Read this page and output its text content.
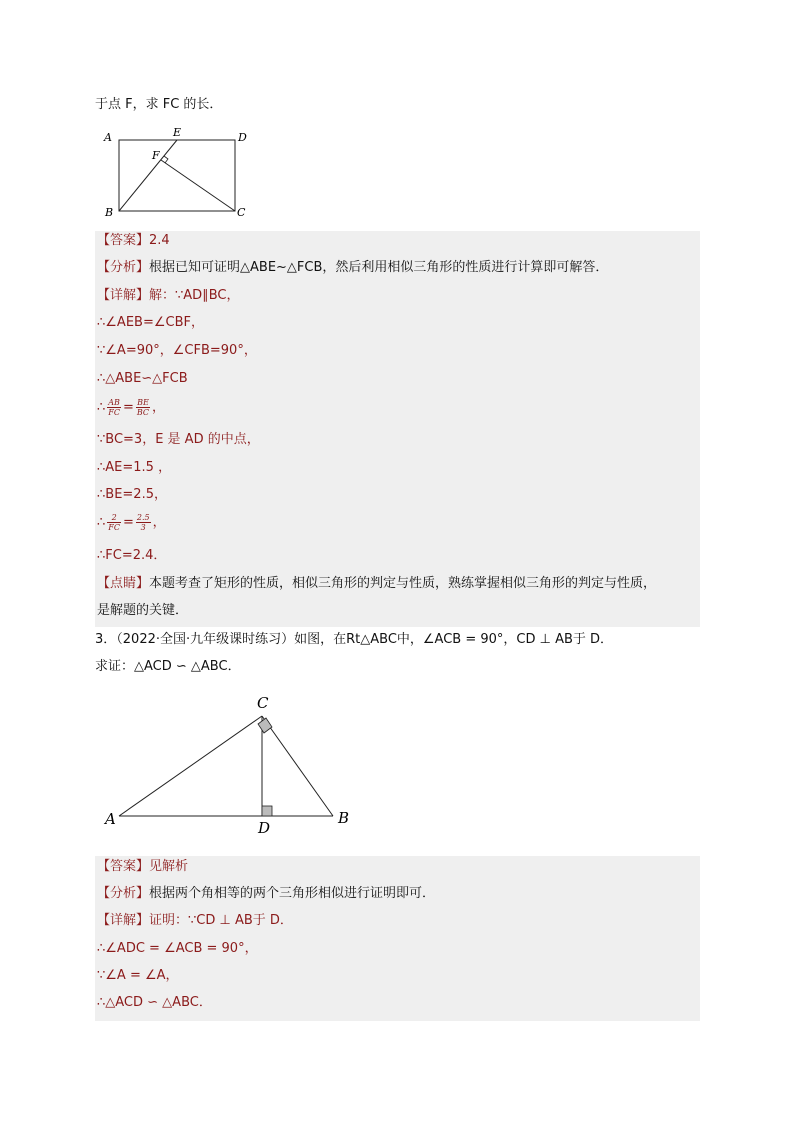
于点 F，求 FC 的长．
A	E	D
F
B	C
【答案】2.4
【分析】根据已知可证明△ABE~△FCB，然后利用相似三角形的性质进行计算即可解答．
【详解】解：∵AD∥BC，
∴∠AEB=∠CBF，
∵∠A=90°，∠CFB=90°，
∴△ABE∽△FCB
∴ $\frac{AB}{FC} = \frac{BE}{BC}$ ，
∵BC=3，E 是 AD 的中点，
∴AE=1.5 ，
∴BE=2.5，
∴ $\frac{2}{FC} = \frac{2.5}{3}$ ，
∴FC=2.4．
【点睛】本题考查了矩形的性质，相似三角形的判定与性质，熟练掌握相似三角形的判定与性质，
是解题的关键．
3．（2022·全国·九年级课时练习）如图，在Rt△ABC中，∠ACB = 90°，CD ⊥ AB于 D．
求证：△ACD ∽ △ABC．
C
A	D
B
【答案】见解析
【分析】根据两个角相等的两个三角形相似进行证明即可．
【详解】证明：∵CD ⊥ AB于 D．
∴∠ADC = ∠ACB = 90°，
∵∠A = ∠A，
∴△ACD ∽ △ABC．
